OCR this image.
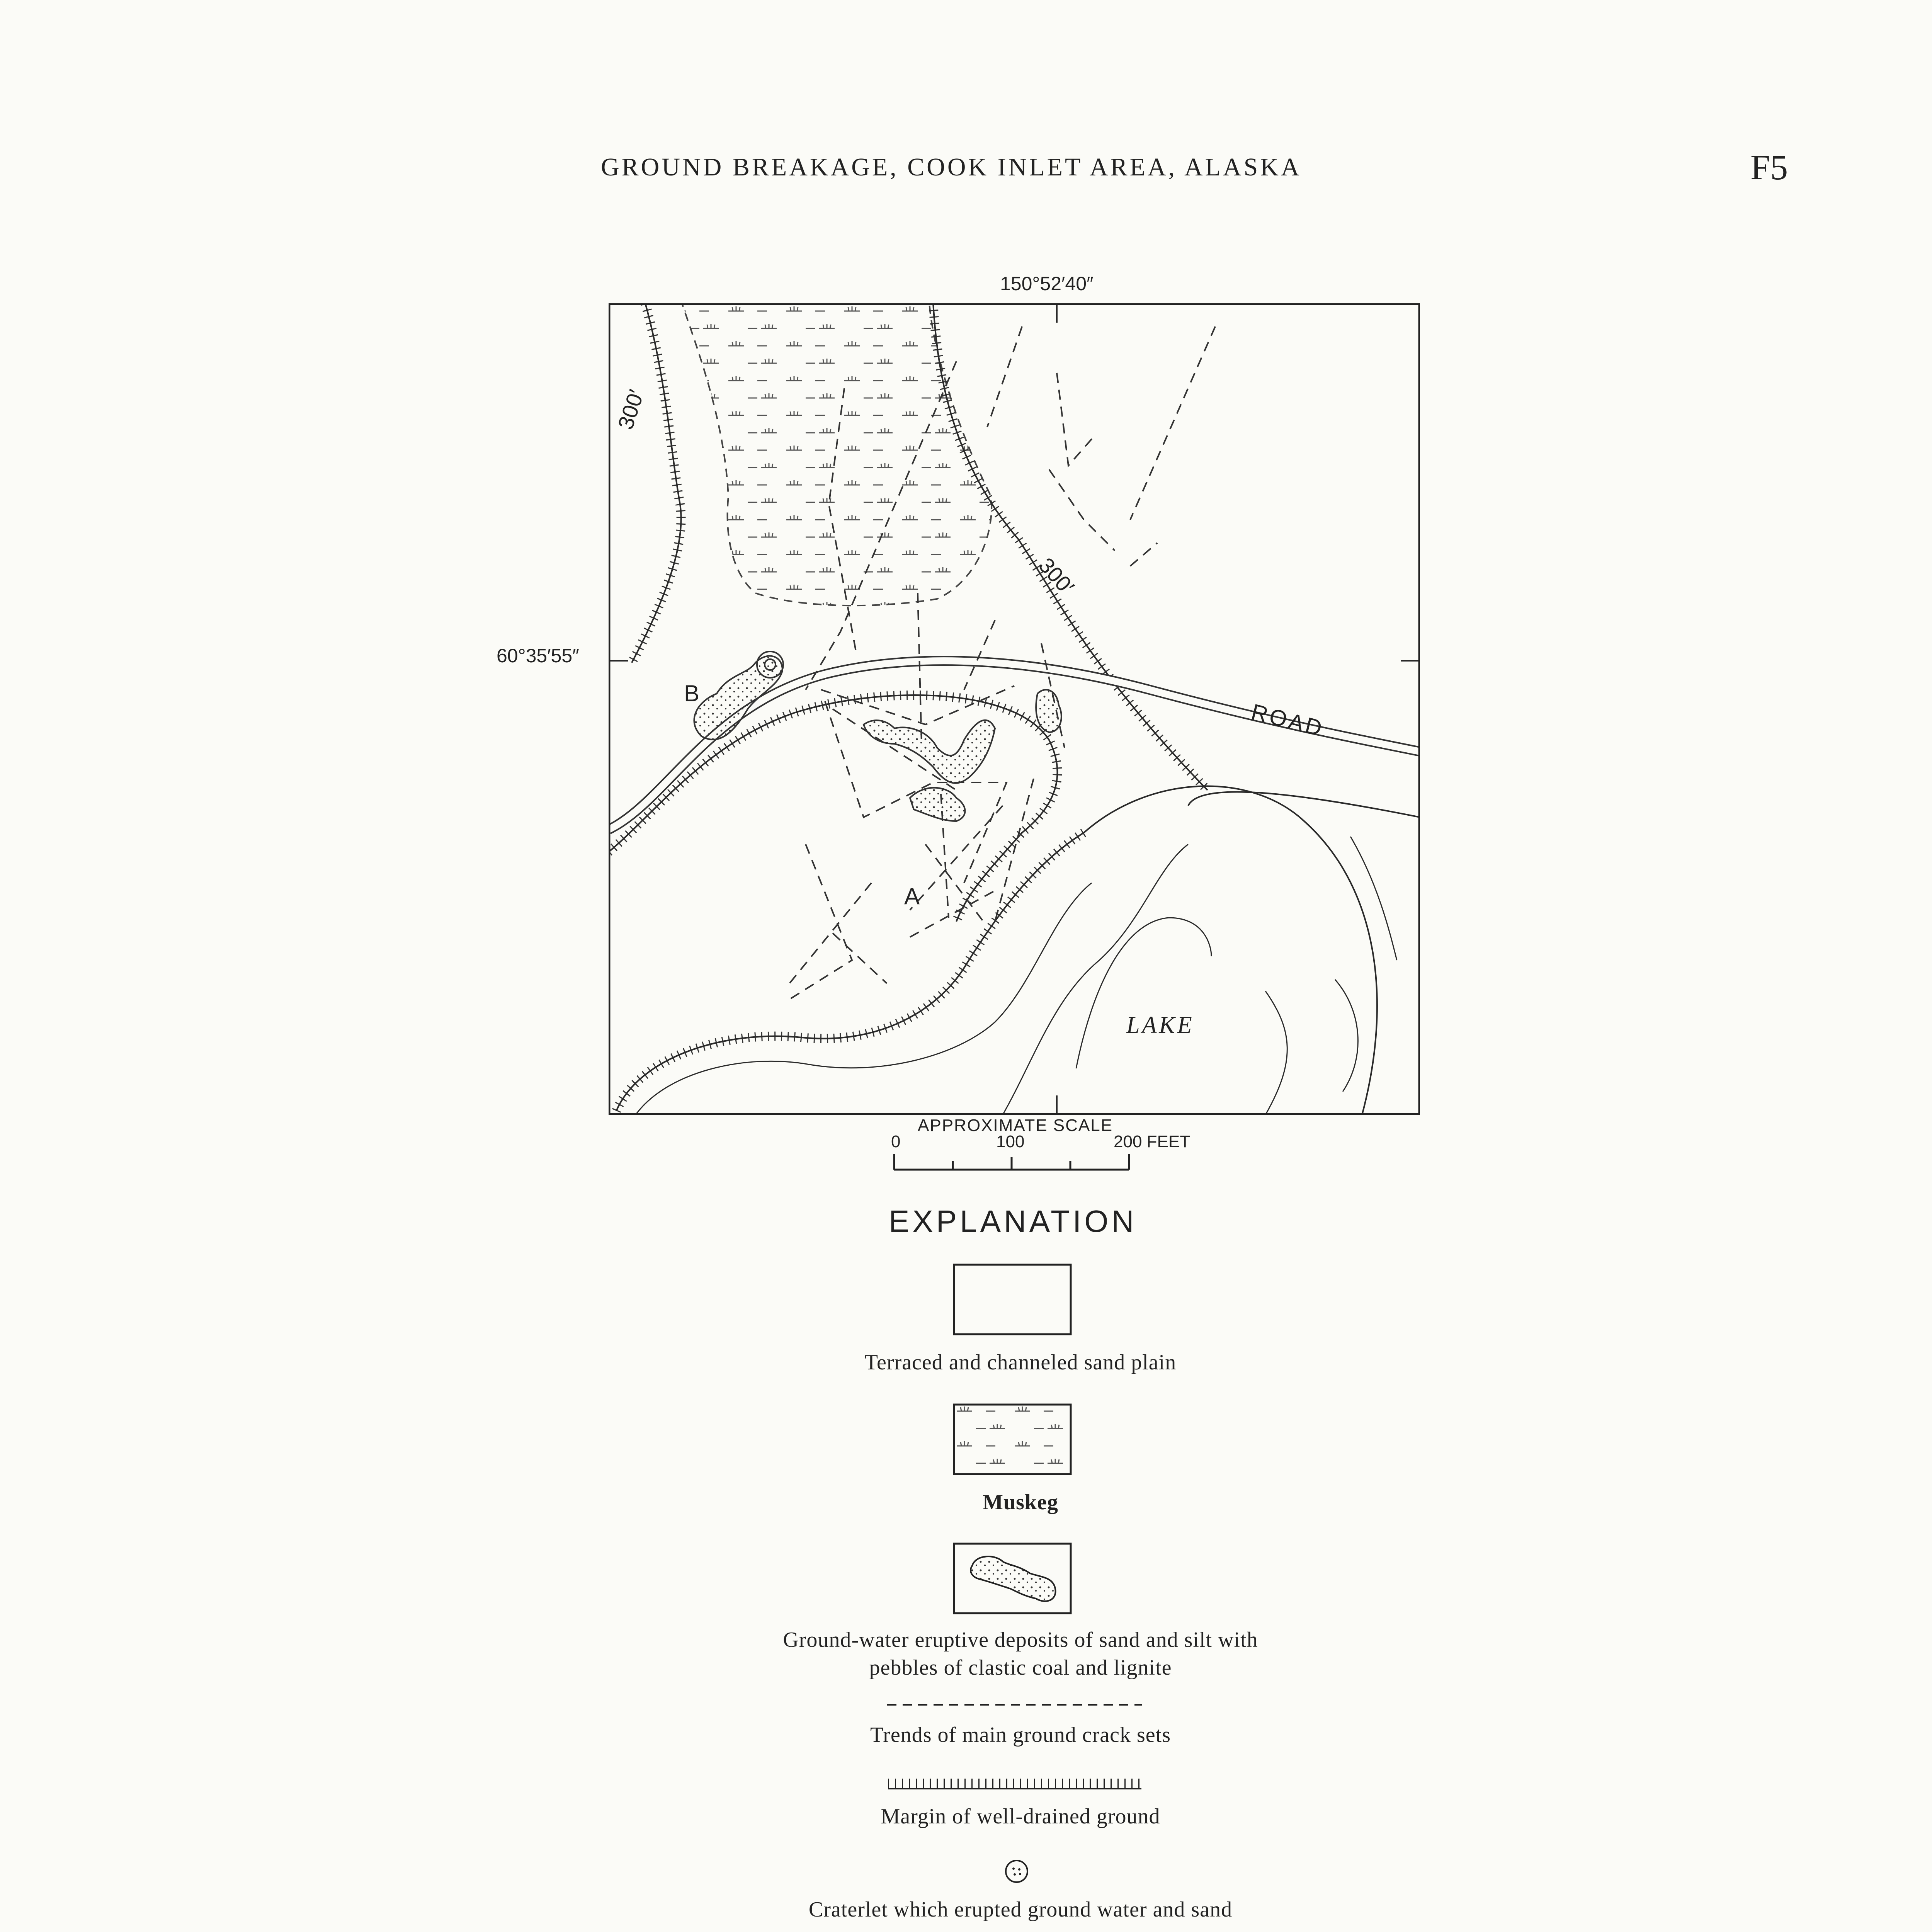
GROUND BREAKAGE, COOK INLET AREA, ALASKA	F5
150°52′40″
60°35′55″
300′
300′
ROAD
LAKE
A
B
APPROXIMATE SCALE
0	100	200 FEET
EXPLANATION
Terraced and channeled sand plain
Muskeg
Ground-water eruptive deposits of sand and silt with
pebbles of clastic coal and lignite
Trends of main ground crack sets
Margin of well-drained ground
Craterlet which erupted ground water and sand
